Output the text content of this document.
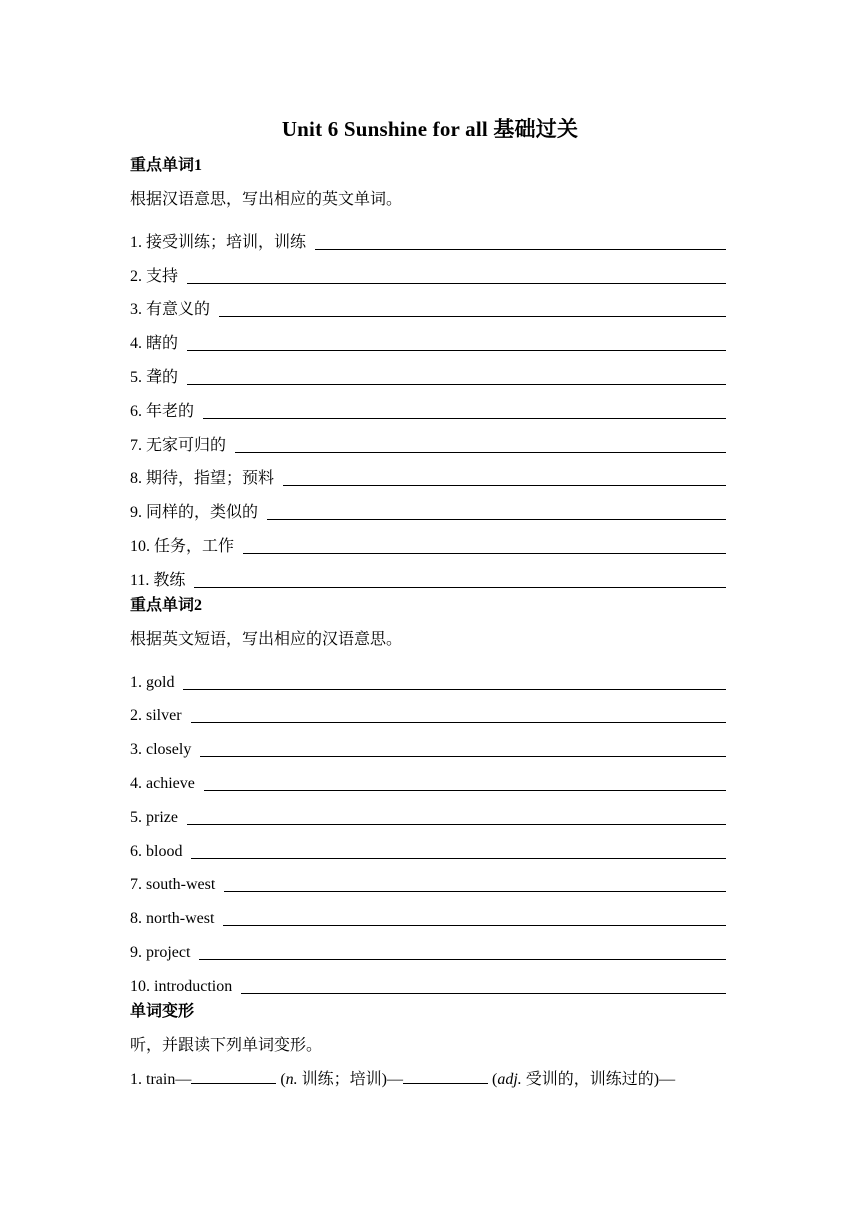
Unit 6 Sunshine for all 基础过关
重点单词1
根据汉语意思，写出相应的英文单词。
1. 接受训练；培训，训练
2. 支持
3. 有意义的
4. 瞎的
5. 聋的
6. 年老的
7. 无家可归的
8. 期待，指望；预料
9. 同样的，类似的
10. 任务，工作
11. 教练
重点单词2
根据英文短语，写出相应的汉语意思。
1. gold
2. silver
3. closely
4. achieve
5. prize
6. blood
7. south-west
8. north-west
9. project
10. introduction
单词变形
听，并跟读下列单词变形。
1. train—	(n. 训练；培训)—	(adj. 受训的，训练过的)—
